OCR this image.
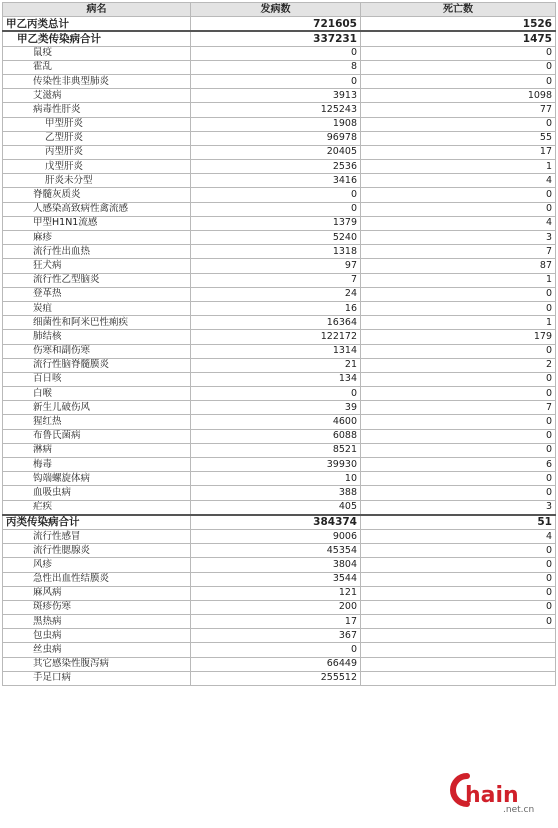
病名	发病数	死亡数
甲乙丙类总计	721605	1526
甲乙类传染病合计	337231	1475
鼠疫	0	0
霍乱	8	0
传染性非典型肺炎	0	0
艾滋病	3913	1098
病毒性肝炎	125243	77
甲型肝炎	1908	0
乙型肝炎	96978	55
丙型肝炎	20405	17
戊型肝炎	2536	1
肝炎未分型	3416	4
脊髓灰质炎	0	0
人感染高致病性禽流感	0	0
甲型H1N1流感	1379	4
麻疹	5240	3
流行性出血热	1318	7
狂犬病	97	87
流行性乙型脑炎	7	1
登革热	24	0
炭疽	16	0
细菌性和阿米巴性痢疾	16364	1
肺结核	122172	179
伤寒和副伤寒	1314	0
流行性脑脊髓膜炎	21	2
百日咳	134	0
白喉	0	0
新生儿破伤风	39	7
猩红热	4600	0
布鲁氏菌病	6088	0
淋病	8521	0
梅毒	39930	6
钩端螺旋体病	10	0
血吸虫病	388	0
疟疾	405	3
丙类传染病合计	384374	51
流行性感冒	9006	4
流行性腮腺炎	45354	0
风疹	3804	0
急性出血性结膜炎	3544	0
麻风病	121	0
斑疹伤寒	200	0
黑热病	17	0
包虫病	367	
丝虫病	0	
其它感染性腹泻病	66449	
手足口病	255512	
hain
.net.cn
